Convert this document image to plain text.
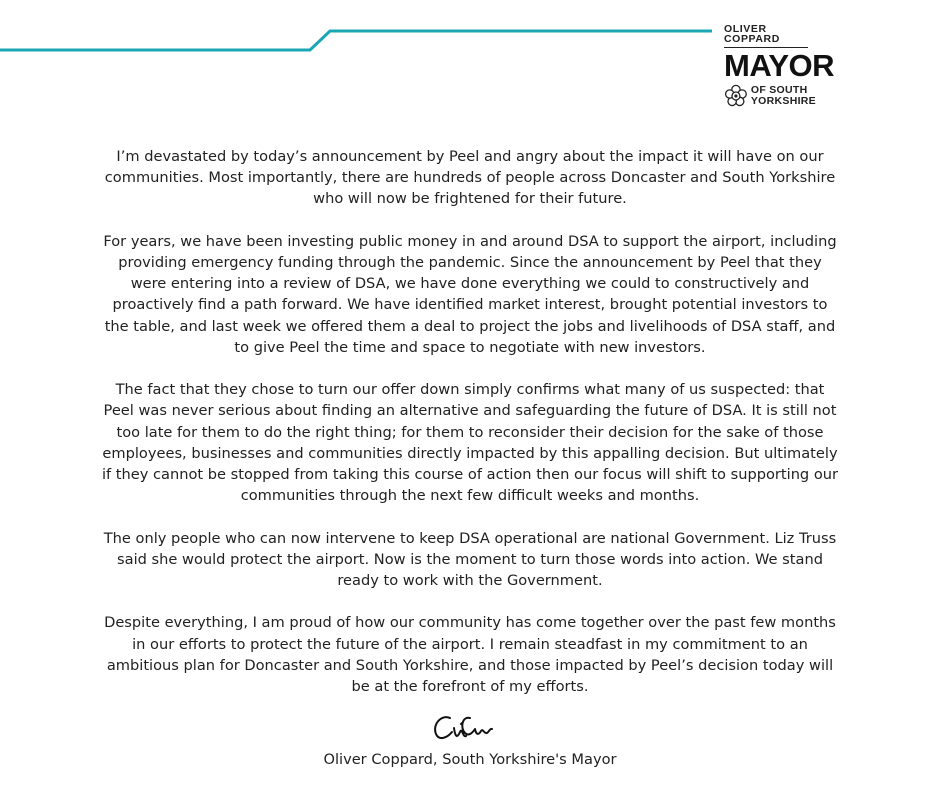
OLIVER
COPPARD
MAYOR
OF SOUTH
YORKSHIRE

I’m devastated by today’s announcement by Peel and angry about the impact it will have on our communities. Most importantly, there are hundreds of people across Doncaster and South Yorkshire who will now be frightened for their future.

For years, we have been investing public money in and around DSA to support the airport, including providing emergency funding through the pandemic. Since the announcement by Peel that they were entering into a review of DSA, we have done everything we could to constructively and proactively find a path forward. We have identified market interest, brought potential investors to the table, and last week we offered them a deal to project the jobs and livelihoods of DSA staff, and to give Peel the time and space to negotiate with new investors.

The fact that they chose to turn our offer down simply confirms what many of us suspected: that Peel was never serious about finding an alternative and safeguarding the future of DSA. It is still not too late for them to do the right thing; for them to reconsider their decision for the sake of those employees, businesses and communities directly impacted by this appalling decision. But ultimately if they cannot be stopped from taking this course of action then our focus will shift to supporting our communities through the next few difficult weeks and months.

The only people who can now intervene to keep DSA operational are national Government. Liz Truss said she would protect the airport. Now is the moment to turn those words into action. We stand ready to work with the Government.

Despite everything, I am proud of how our community has come together over the past few months in our efforts to protect the future of the airport. I remain steadfast in my commitment to an ambitious plan for Doncaster and South Yorkshire, and those impacted by Peel’s decision today will be at the forefront of my efforts.

Oliver Coppard, South Yorkshire's Mayor
